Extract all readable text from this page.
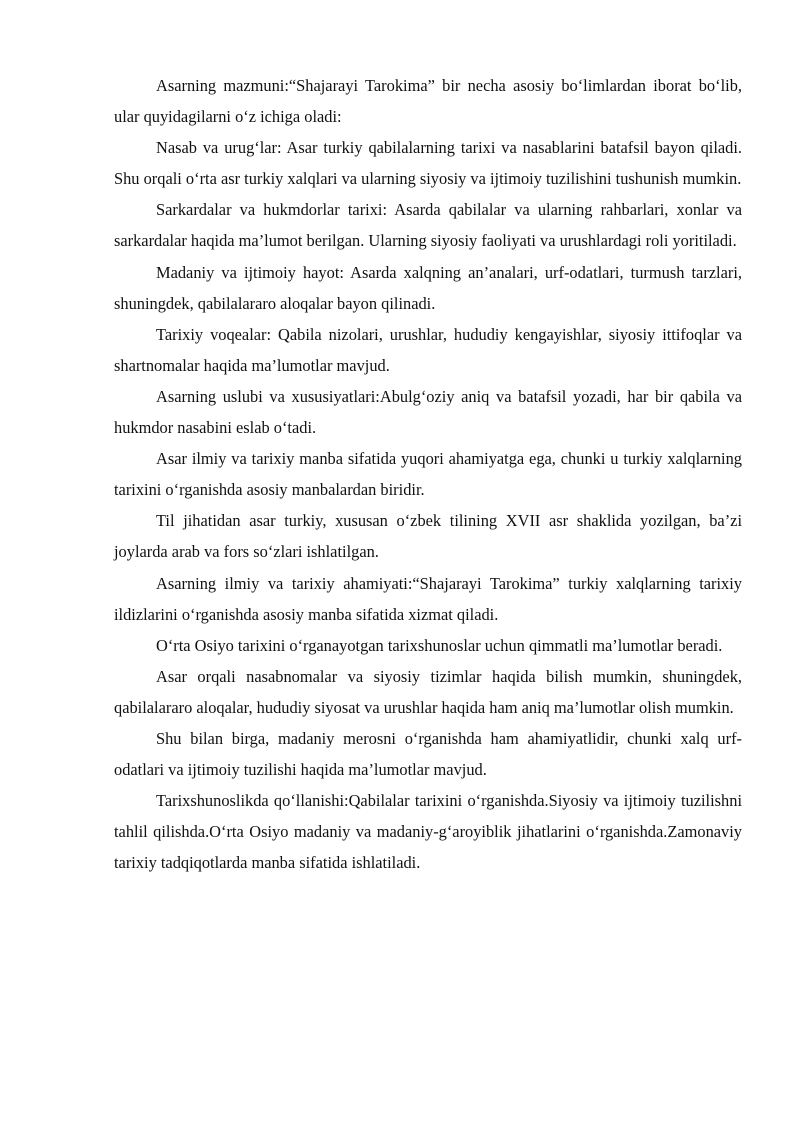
Asarning mazmuni:“Shajarayi Tarokima” bir necha asosiy bo‘limlardan iborat bo‘lib, ular quyidagilarni o‘z ichiga oladi:

Nasab va urug‘lar: Asar turkiy qabilalarning tarixi va nasablarini batafsil bayon qiladi. Shu orqali o‘rta asr turkiy xalqlari va ularning siyosiy va ijtimoiy tuzilishini tushunish mumkin.

Sarkardalar va hukmdorlar tarixi: Asarda qabilalar va ularning rahbarlari, xonlar va sarkardalar haqida ma’lumot berilgan. Ularning siyosiy faoliyati va urushlardagi roli yoritiladi.

Madaniy va ijtimoiy hayot: Asarda xalqning an’analari, urf-odatlari, turmush tarzlari, shuningdek, qabilalararo aloqalar bayon qilinadi.

Tarixiy voqealar: Qabila nizolari, urushlar, hududiy kengayishlar, siyosiy ittifoqlar va shartnomalar haqida ma’lumotlar mavjud.

Asarning uslubi va xususiyatlari:Abulg‘oziy aniq va batafsil yozadi, har bir qabila va hukmdor nasabini eslab o‘tadi.

Asar ilmiy va tarixiy manba sifatida yuqori ahamiyatga ega, chunki u turkiy xalqlarning tarixini o‘rganishda asosiy manbalardan biridir.

Til jihatidan asar turkiy, xususan o‘zbek tilining XVII asr shaklida yozilgan, ba’zi joylarda arab va fors so‘zlari ishlatilgan.

Asarning ilmiy va tarixiy ahamiyati:“Shajarayi Tarokima” turkiy xalqlarning tarixiy ildizlarini o‘rganishda asosiy manba sifatida xizmat qiladi.

O‘rta Osiyo tarixini o‘rganayotgan tarixshunoslar uchun qimmatli ma’lumotlar beradi.

Asar orqali nasabnomalar va siyosiy tizimlar haqida bilish mumkin, shuningdek, qabilalararo aloqalar, hududiy siyosat va urushlar haqida ham aniq ma’lumotlar olish mumkin.

Shu bilan birga, madaniy merosni o‘rganishda ham ahamiyatlidir, chunki xalq urf-odatlari va ijtimoiy tuzilishi haqida ma’lumotlar mavjud.

Tarixshunoslikda qo‘llanishi:Qabilalar tarixini o‘rganishda.Siyosiy va ijtimoiy tuzilishni tahlil qilishda.O‘rta Osiyo madaniy va madaniy-g‘aroyiblik jihatlarini o‘rganishda.Zamonaviy tarixiy tadqiqotlarda manba sifatida ishlatiladi.
